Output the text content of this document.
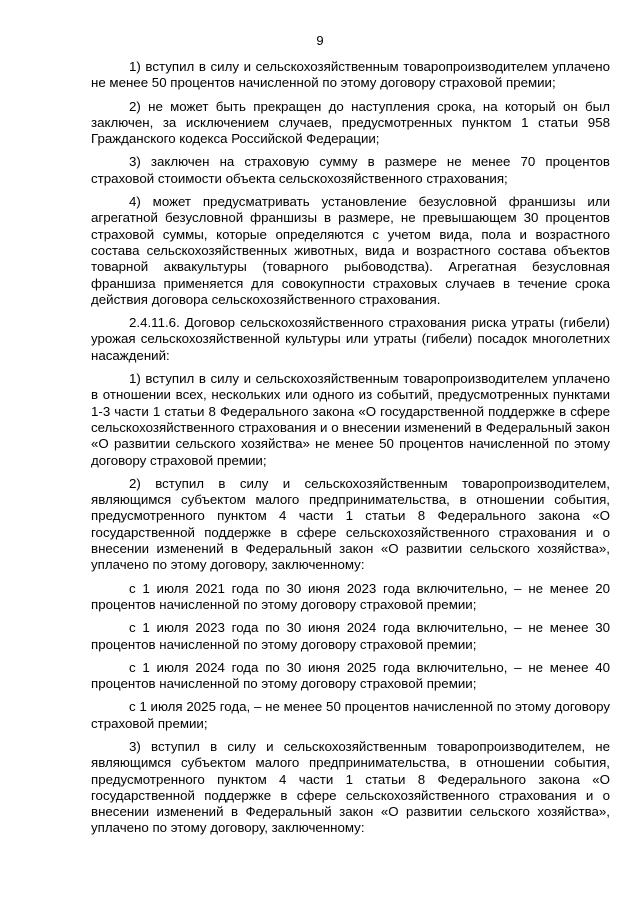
9

1) вступил в силу и сельскохозяйственным товаропроизводителем уплачено не менее 50 процентов начисленной по этому договору страховой премии;

2) не может быть прекращен до наступления срока, на который он был заключен, за исключением случаев, предусмотренных пунктом 1 статьи 958 Гражданского кодекса Российской Федерации;

3) заключен на страховую сумму в размере не менее 70 процентов страховой стоимости объекта сельскохозяйственного страхования;

4) может предусматривать установление безусловной франшизы или агрегатной безусловной франшизы в размере, не превышающем 30 процентов страховой суммы, которые определяются с учетом вида, пола и возрастного состава сельскохозяйственных животных, вида и возрастного состава объектов товарной аквакультуры (товарного рыбоводства). Агрегатная безусловная франшиза применяется для совокупности страховых случаев в течение срока действия договора сельскохозяйственного страхования.

2.4.11.6. Договор сельскохозяйственного страхования риска утраты (гибели) урожая сельскохозяйственной культуры или утраты (гибели) посадок многолетних насаждений:

1) вступил в силу и сельскохозяйственным товаропроизводителем уплачено в отношении всех, нескольких или одного из событий, предусмотренных пунктами 1-3 части 1 статьи 8 Федерального закона «О государственной поддержке в сфере сельскохозяйственного страхования и о внесении изменений в Федеральный закон «О развитии сельского хозяйства» не менее 50 процентов начисленной по этому договору страховой премии;

2) вступил в силу и сельскохозяйственным товаропроизводителем, являющимся субъектом малого предпринимательства, в отношении события, предусмотренного пунктом 4 части 1 статьи 8 Федерального закона «О государственной поддержке в сфере сельскохозяйственного страхования и о внесении изменений в Федеральный закон «О развитии сельского хозяйства», уплачено по этому договору, заключенному:

с 1 июля 2021 года по 30 июня 2023 года включительно, – не менее 20 процентов начисленной по этому договору страховой премии;

с 1 июля 2023 года по 30 июня 2024 года включительно, – не менее 30 процентов начисленной по этому договору страховой премии;

с 1 июля 2024 года по 30 июня 2025 года включительно, – не менее 40 процентов начисленной по этому договору страховой премии;

с 1 июля 2025 года, – не менее 50 процентов начисленной по этому договору страховой премии;

3) вступил в силу и сельскохозяйственным товаропроизводителем, не являющимся субъектом малого предпринимательства, в отношении события, предусмотренного пунктом 4 части 1 статьи 8 Федерального закона «О государственной поддержке в сфере сельскохозяйственного страхования и о внесении изменений в Федеральный закон «О развитии сельского хозяйства», уплачено по этому договору, заключенному:
